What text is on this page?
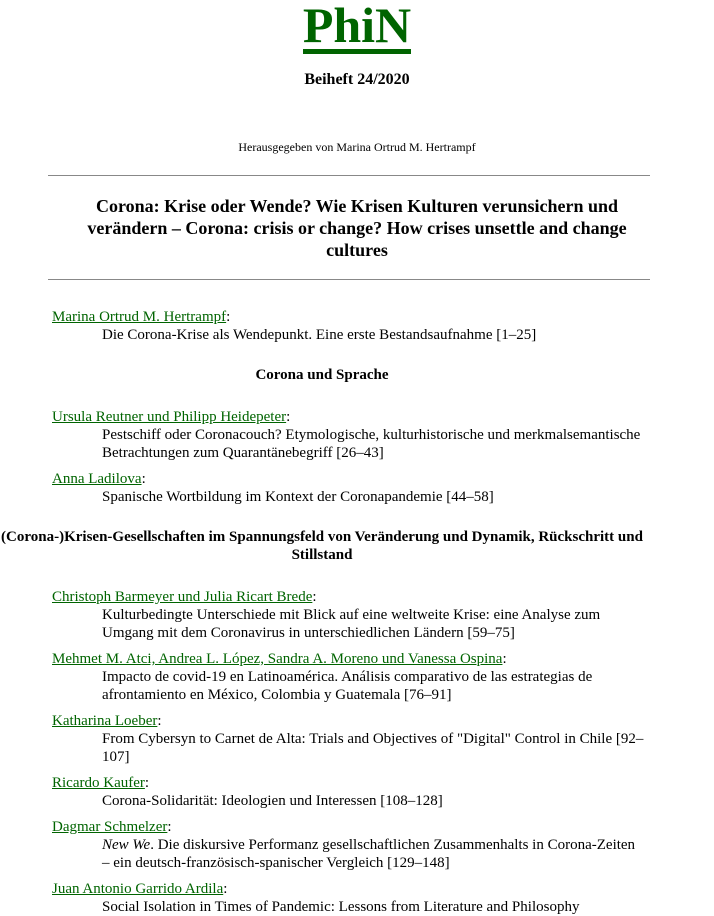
PhiN
Beiheft 24/2020
Herausgegeben von Marina Ortrud M. Hertrampf
Corona: Krise oder Wende? Wie Krisen Kulturen verunsichern und verändern – Corona: crisis or change? How crises unsettle and change cultures
Marina Ortrud M. Hertrampf:
Die Corona-Krise als Wendepunkt. Eine erste Bestandsaufnahme [1–25]
Corona und Sprache
Ursula Reutner und Philipp Heidepeter:
Pestschiff oder Coronacouch? Etymologische, kulturhistorische und merkmalsemantische Betrachtungen zum Quarantänebegriff [26–43]
Anna Ladilova:
Spanische Wortbildung im Kontext der Coronapandemie [44–58]
(Corona-)Krisen-Gesellschaften im Spannungsfeld von Veränderung und Dynamik, Rückschritt und Stillstand
Christoph Barmeyer und Julia Ricart Brede:
Kulturbedingte Unterschiede mit Blick auf eine weltweite Krise: eine Analyse zum Umgang mit dem Coronavirus in unterschiedlichen Ländern [59–75]
Mehmet M. Atci, Andrea L. López, Sandra A. Moreno und Vanessa Ospina:
Impacto de covid-19 en Latinoamérica. Análisis comparativo de las estrategias de afrontamiento en México, Colombia y Guatemala [76–91]
Katharina Loeber:
From Cybersyn to Carnet de Alta: Trials and Objectives of "Digital" Control in Chile [92–107]
Ricardo Kaufer:
Corona-Solidarität: Ideologien und Interessen [108–128]
Dagmar Schmelzer:
New We. Die diskursive Performanz gesellschaftlichen Zusammenhalts in Corona-Zeiten – ein deutsch-französisch-spanischer Vergleich [129–148]
Juan Antonio Garrido Ardila:
Social Isolation in Times of Pandemic: Lessons from Literature and Philosophy
